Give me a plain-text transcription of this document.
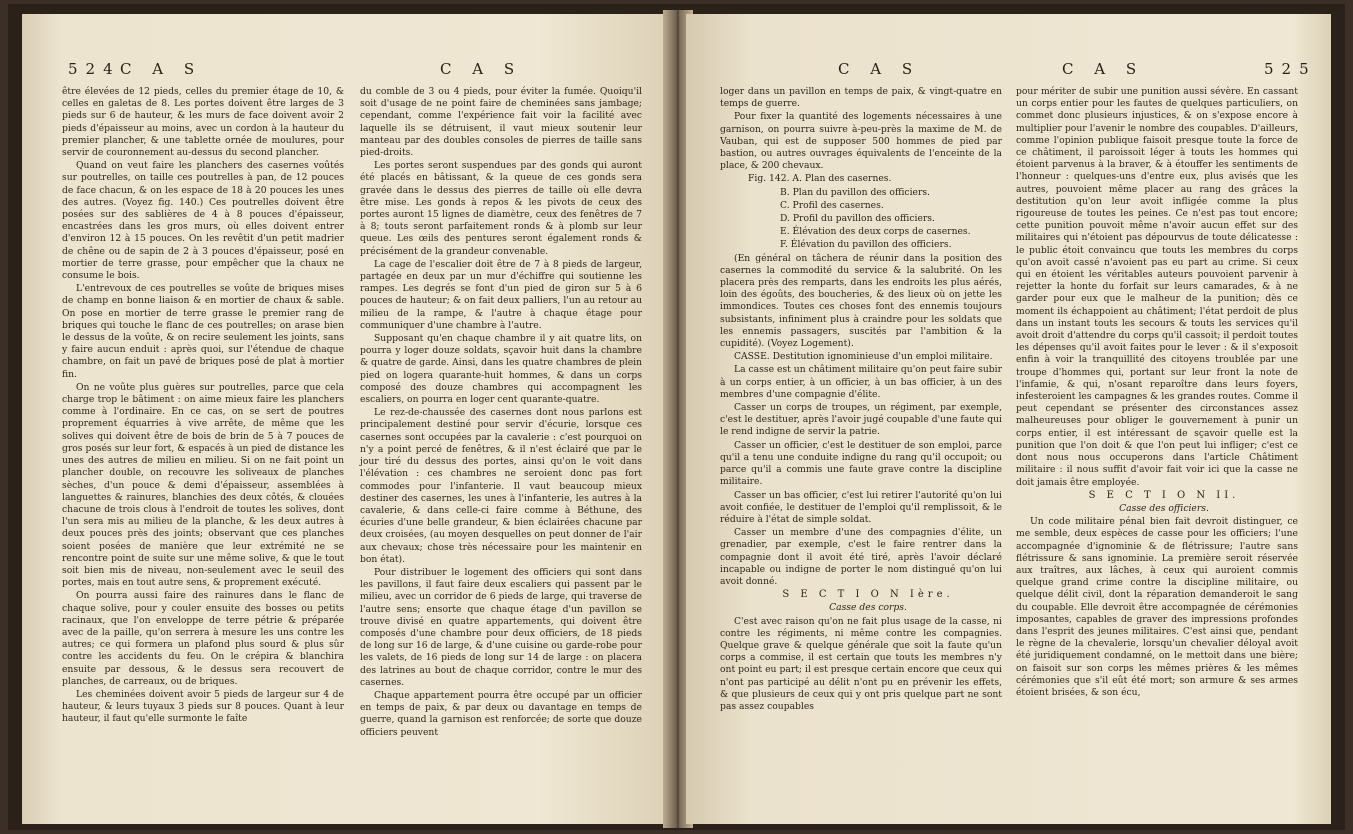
524 C A S	C A S

être élevées de 12 pieds, celles du premier étage de 10, & celles en galetas de 8. Les portes doivent être larges de 3 pieds sur 6 de hauteur, & les murs de face doivent avoir 2 pieds d'épaisseur au moins, avec un cordon à la hauteur du premier plancher, & une tablette ornée de moulures, pour servir de couronnement au-dessus du second plancher.

Quand on veut faire les planchers des casernes voûtés sur poutrelles, on taille ces poutrelles à pan, de 12 pouces de face chacun, & on les espace de 18 à 20 pouces les unes des autres. (Voyez fig. 140.) Ces poutrelles doivent être posées sur des sablières de 4 à 8 pouces d'épaisseur, encastrées dans les gros murs, où elles doivent entrer d'environ 12 à 15 pouces. On les revêtit d'un petit madrier de chêne ou de sapin de 2 à 3 pouces d'épaisseur, posé en mortier de terre grasse, pour empêcher que la chaux ne consume le bois.

L'entrevoux de ces poutrelles se voûte de briques mises de champ en bonne liaison & en mortier de chaux & sable. On pose en mortier de terre grasse le premier rang de briques qui touche le flanc de ces poutrelles; on arase bien le dessus de la voûte, & on recire seulement les joints, sans y faire aucun enduit : après quoi, sur l'étendue de chaque chambre, on fait un pavé de briques posé de plat à mortier fin.

On ne voûte plus guères sur poutrelles, parce que cela charge trop le bâtiment : on aime mieux faire les planchers comme à l'ordinaire. En ce cas, on se sert de poutres proprement équarries à vive arrête, de même que les solives qui doivent être de bois de brin de 5 à 7 pouces de gros posés sur leur fort, & espacés à un pied de distance les unes des autres de milieu en milieu. Si on ne fait point un plancher double, on recouvre les soliveaux de planches sèches, d'un pouce & demi d'épaisseur, assemblées à languettes & rainures, blanchies des deux côtés, & clouées chacune de trois clous à l'endroit de toutes les solives, dont l'un sera mis au milieu de la planche, & les deux autres à deux pouces près des joints; observant que ces planches soient posées de manière que leur extrémité ne se rencontre point de suite sur une même solive, & que le tout soit bien mis de niveau, non-seulement avec le seuil des portes, mais en tout autre sens, & proprement exécuté.

On pourra aussi faire des rainures dans le flanc de chaque solive, pour y couler ensuite des bosses ou petits racinaux, que l'on enveloppe de terre pétrie & préparée avec de la paille, qu'on serrera à mesure les uns contre les autres; ce qui formera un plafond plus sourd & plus sûr contre les accidents du feu. On le crépira & blanchira ensuite par dessous, & le dessus sera recouvert de planches, de carreaux, ou de briques.

Les cheminées doivent avoir 5 pieds de largeur sur 4 de hauteur, & leurs tuyaux 3 pieds sur 8 pouces. Quant à leur hauteur, il faut qu'elle surmonte le faîte

du comble de 3 ou 4 pieds, pour éviter la fumée. Quoiqu'il soit d'usage de ne point faire de cheminées sans jambage; cependant, comme l'expérience fait voir la facilité avec laquelle ils se détruisent, il vaut mieux soutenir leur manteau par des doubles consoles de pierres de taille sans pied-droits.

Les portes seront suspendues par des gonds qui auront été placés en bâtissant, & la queue de ces gonds sera gravée dans le dessus des pierres de taille où elle devra être mise. Les gonds à repos & les pivots de ceux des portes auront 15 lignes de diamètre, ceux des fenêtres de 7 à 8; touts seront parfaitement ronds & à plomb sur leur queue. Les œils des pentures seront également ronds & précisément de la grandeur convenable.

La cage de l'escalier doit être de 7 à 8 pieds de largeur, partagée en deux par un mur d'échiffre qui soutienne les rampes. Les degrés se font d'un pied de giron sur 5 à 6 pouces de hauteur; & on fait deux palliers, l'un au retour au milieu de la rampe, & l'autre à chaque étage pour communiquer d'une chambre à l'autre.

Supposant qu'en chaque chambre il y ait quatre lits, on pourra y loger douze soldats, sçavoir huit dans la chambre & quatre de garde. Ainsi, dans les quatre chambres de plein pied on logera quarante-huit hommes, & dans un corps composé des douze chambres qui accompagnent les escaliers, on pourra en loger cent quarante-quatre.

Le rez-de-chaussée des casernes dont nous parlons est principalement destiné pour servir d'écurie, lorsque ces casernes sont occupées par la cavalerie : c'est pourquoi on n'y a point percé de fenêtres, & il n'est éclairé que par le jour tiré du dessus des portes, ainsi qu'on le voit dans l'élévation : ces chambres ne seroient donc pas fort commodes pour l'infanterie. Il vaut beaucoup mieux destiner des casernes, les unes à l'infanterie, les autres à la cavalerie, & dans celle-ci faire comme à Béthune, des écuries d'une belle grandeur, & bien éclairées chacune par deux croisées, (au moyen desquelles on peut donner de l'air aux chevaux; chose très nécessaire pour les maintenir en bon état).

Pour distribuer le logement des officiers qui sont dans les pavillons, il faut faire deux escaliers qui passent par le milieu, avec un corridor de 6 pieds de large, qui traverse de l'autre sens; ensorte que chaque étage d'un pavillon se trouve divisé en quatre appartements, qui doivent être composés d'une chambre pour deux officiers, de 18 pieds de long sur 16 de large, & d'une cuisine ou garde-robe pour les valets, de 16 pieds de long sur 14 de large : on placera des latrines au bout de chaque corridor, contre le mur des casernes.

Chaque appartement pourra être occupé par un officier en temps de paix, & par deux ou davantage en temps de guerre, quand la garnison est renforcée; de sorte que douze officiers peuvent

C A S	C A S	525

loger dans un pavillon en temps de paix, & vingt-quatre en temps de guerre.

Pour fixer la quantité des logements nécessaires à une garnison, on pourra suivre à-peu-près la maxime de M. de Vauban, qui est de supposer 500 hommes de pied par bastion, ou autres ouvrages équivalents de l'enceinte de la place, & 200 chevaux.

Fig. 142. A. Plan des casernes.

B. Plan du pavillon des officiers.

C. Profil des casernes.

D. Profil du pavillon des officiers.

E. Élévation des deux corps de casernes.

F. Élévation du pavillon des officiers.

(En général on tâchera de réunir dans la position des casernes la commodité du service & la salubrité. On les placera près des remparts, dans les endroits les plus aérés, loin des égoûts, des boucheries, & des lieux où on jette les immondices. Toutes ces choses font des ennemis toujours subsistants, infiniment plus à craindre pour les soldats que les ennemis passagers, suscités par l'ambition & la cupidité). (Voyez Logement).

CASSE. Destitution ignominieuse d'un emploi militaire.

La casse est un châtiment militaire qu'on peut faire subir à un corps entier, à un officier, à un bas officier, à un des membres d'une compagnie d'élite.

Casser un corps de troupes, un régiment, par exemple, c'est le destituer, après l'avoir jugé coupable d'une faute qui le rend indigne de servir la patrie.

Casser un officier, c'est le destituer de son emploi, parce qu'il a tenu une conduite indigne du rang qu'il occupoit; ou parce qu'il a commis une faute grave contre la discipline militaire.

Casser un bas officier, c'est lui retirer l'autorité qu'on lui avoit confiée, le destituer de l'emploi qu'il remplissoit, & le réduire à l'état de simple soldat.

Casser un membre d'une des compagnies d'élite, un grenadier, par exemple, c'est le faire rentrer dans la compagnie dont il avoit été tiré, après l'avoir déclaré incapable ou indigne de porter le nom distingué qu'on lui avoit donné.

S E C T I O N Ière.

Casse des corps.

C'est avec raison qu'on ne fait plus usage de la casse, ni contre les régiments, ni même contre les compagnies. Quelque grave & quelque générale que soit la faute qu'un corps a commise, il est certain que touts les membres n'y ont point eu part; il est presque certain encore que ceux qui n'ont pas participé au délit n'ont pu en prévenir les effets, & que plusieurs de ceux qui y ont pris quelque part ne sont pas assez coupables

pour mériter de subir une punition aussi sévère. En cassant un corps entier pour les fautes de quelques particuliers, on commet donc plusieurs injustices, & on s'expose encore à multiplier pour l'avenir le nombre des coupables. D'ailleurs, comme l'opinion publique faisoit presque toute la force de ce châtiment, il paroissoit léger à touts les hommes qui étoient parvenus à la braver, & à étouffer les sentiments de l'honneur : quelques-uns d'entre eux, plus avisés que les autres, pouvoient même placer au rang des grâces la destitution qu'on leur avoit infligée comme la plus rigoureuse de toutes les peines. Ce n'est pas tout encore; cette punition pouvoit même n'avoir aucun effet sur des militaires qui n'étoient pas dépourvus de toute délicatesse : le public étoit convaincu que touts les membres du corps qu'on avoit cassé n'avoient pas eu part au crime. Si ceux qui en étoient les véritables auteurs pouvoient parvenir à rejetter la honte du forfait sur leurs camarades, & à ne garder pour eux que le malheur de la punition; dès ce moment ils échappoient au châtiment; l'état perdoit de plus dans un instant touts les secours & touts les services qu'il avoit droit d'attendre du corps qu'il cassoit; il perdoit toutes les dépenses qu'il avoit faites pour le lever : & il s'exposoit enfin à voir la tranquillité des citoyens troublée par une troupe d'hommes qui, portant sur leur front la note de l'infamie, & qui, n'osant reparoître dans leurs foyers, infesteroient les campagnes & les grandes routes. Comme il peut cependant se présenter des circonstances assez malheureuses pour obliger le gouvernement à punir un corps entier, il est intéressant de sçavoir quelle est la punition que l'on doit & que l'on peut lui infliger; c'est ce dont nous nous occuperons dans l'article Châtiment militaire : il nous suffit d'avoir fait voir ici que la casse ne doit jamais être employée.

S E C T I O N II.

Casse des officiers.

Un code militaire pénal bien fait devroit distinguer, ce me semble, deux espèces de casse pour les officiers; l'une accompagnée d'ignominie & de flétrissure; l'autre sans flétrissure & sans ignominie. La première seroit réservée aux traîtres, aux lâches, à ceux qui auroient commis quelque grand crime contre la discipline militaire, ou quelque délit civil, dont la réparation demanderoit le sang du coupable. Elle devroit être accompagnée de cérémonies imposantes, capables de graver des impressions profondes dans l'esprit des jeunes militaires. C'est ainsi que, pendant le règne de la chevalerie, lorsqu'un chevalier déloyal avoit été juridiquement condamné, on le mettoit dans une bière; on faisoit sur son corps les mêmes prières & les mêmes cérémonies que s'il eût été mort; son armure & ses armes étoient brisées, & son écu,
